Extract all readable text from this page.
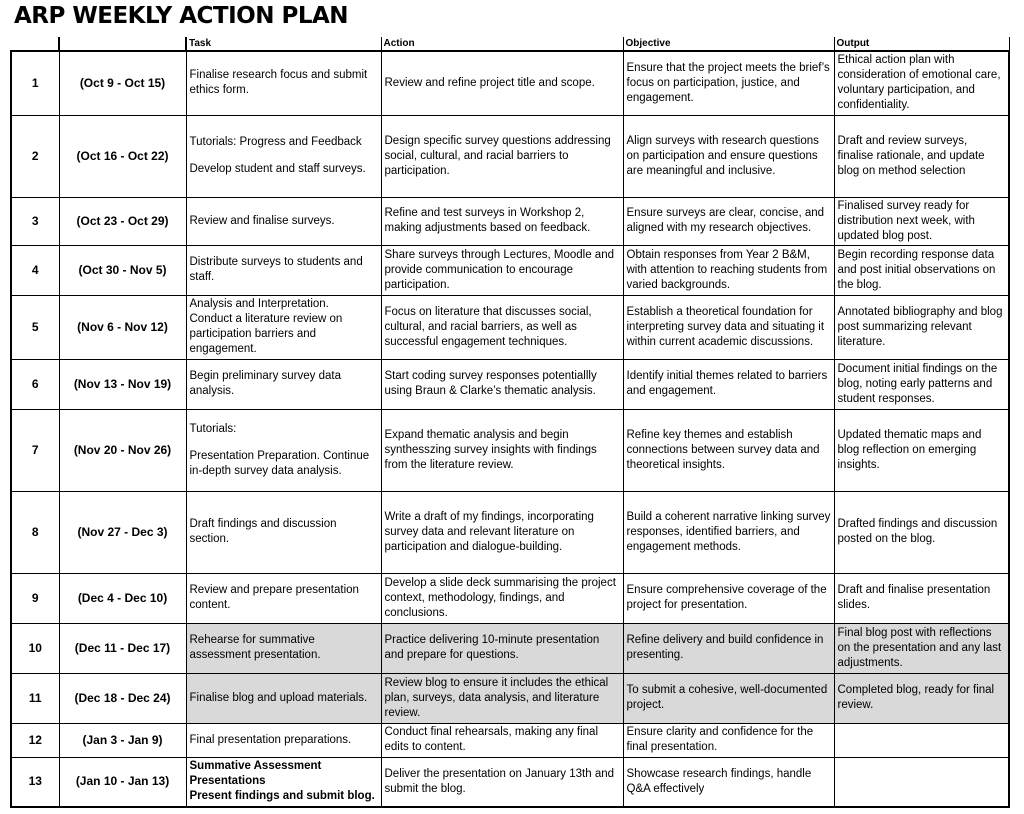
ARP WEEKLY ACTION PLAN
		Task	Action	Objective	Output
1	(Oct 9 - Oct 15)	Finalise research focus and submit ethics form.	Review and refine project title and scope.	Ensure that the project meets the brief’s focus on participation, justice, and engagement.	Ethical action plan with consideration of emotional care, voluntary participation, and confidentiality.
2	(Oct 16 - Oct 22)	Tutorials: Progress and Feedback
Develop student and staff surveys.	Design specific survey questions addressing social, cultural, and racial barriers to participation.	Align surveys with research questions on participation and ensure questions are meaningful and inclusive.	Draft and review surveys, finalise rationale, and update blog on method selection
3	(Oct 23 - Oct 29)	Review and finalise surveys.	Refine and test surveys in Workshop 2, making adjustments based on feedback.	Ensure surveys are clear, concise, and aligned with my research objectives.	Finalised survey ready for distribution next week, with updated blog post.
4	(Oct 30 - Nov 5)	Distribute surveys to students and staff.	Share surveys through Lectures, Moodle and provide communication to encourage participation.	Obtain responses from Year 2 B&M, with attention to reaching students from varied backgrounds.	Begin recording response data and post initial observations on the blog.
5	(Nov 6 - Nov 12)	Analysis and Interpretation.
Conduct a literature review on participation barriers and engagement.	Focus on literature that discusses social, cultural, and racial barriers, as well as successful engagement techniques.	Establish a theoretical foundation for interpreting survey data and situating it within current academic discussions.	Annotated bibliography and blog post summarizing relevant literature.
6	(Nov 13 - Nov 19)	Begin preliminary survey data analysis.	Start coding survey responses potentiallly using Braun & Clarke’s thematic analysis.	Identify initial themes related to barriers and engagement.	Document initial findings on the blog, noting early patterns and student responses.
7	(Nov 20 - Nov 26)	Tutorials:
Presentation Preparation. Continue in-depth survey data analysis.	Expand thematic analysis and begin synthesszing survey insights with findings from the literature review.	Refine key themes and establish connections between survey data and theoretical insights.	Updated thematic maps and blog reflection on emerging insights.
8	(Nov 27 - Dec 3)	Draft findings and discussion section.	Write a draft of my findings, incorporating survey data and relevant literature on participation and dialogue-building.	Build a coherent narrative linking survey responses, identified barriers, and engagement methods.	Drafted findings and discussion posted on the blog.
9	(Dec 4 - Dec 10)	Review and prepare presentation content.	Develop a slide deck summarising the project context, methodology, findings, and conclusions.	Ensure comprehensive coverage of the project for presentation.	Draft and finalise presentation slides.
10	(Dec 11 - Dec 17)	Rehearse for summative assessment presentation.	Practice delivering 10-minute presentation and prepare for questions.	Refine delivery and build confidence in presenting.	Final blog post with reflections on the presentation and any last adjustments.
11	(Dec 18 - Dec 24)	Finalise blog and upload materials.	Review blog to ensure it includes the ethical plan, surveys, data analysis, and literature review.	To submit a cohesive, well-documented project.	Completed blog, ready for final review.
12	(Jan 3 - Jan 9)	Final presentation preparations.	Conduct final rehearsals, making any final edits to content.	Ensure clarity and confidence for the final presentation.	
13	(Jan 10 - Jan 13)	Summative Assessment Presentations
Present findings and submit blog.	Deliver the presentation on January 13th and submit the blog.	Showcase research findings, handle Q&A effectively	
